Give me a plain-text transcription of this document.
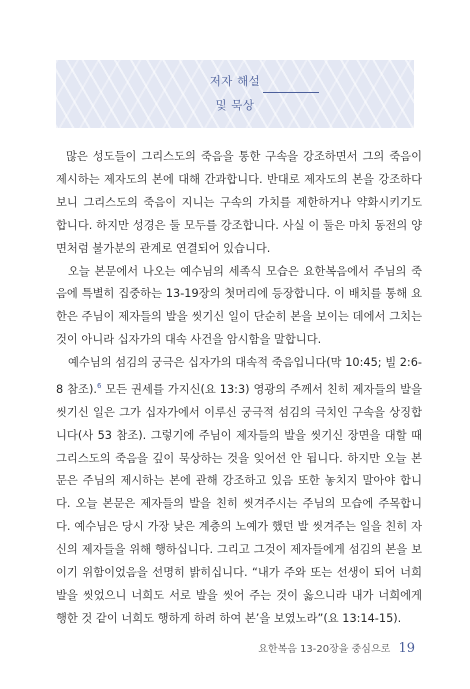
저자 해설
및 묵상

많은 성도들이 그리스도의 죽음을 통한 구속을 강조하면서 그의 죽음이 제시하는 제자도의 본에 대해 간과합니다. 반대로 제자도의 본을 강조하다 보니 그리스도의 죽음이 지니는 구속의 가치를 제한하거나 약화시키기도 합니다. 하지만 성경은 둘 모두를 강조합니다. 사실 이 둘은 마치 동전의 양면처럼 불가분의 관계로 연결되어 있습니다.

오늘 본문에서 나오는 예수님의 세족식 모습은 요한복음에서 주님의 죽음에 특별히 집중하는 13-19장의 첫머리에 등장합니다. 이 배치를 통해 요한은 주님이 제자들의 발을 씻기신 일이 단순히 본을 보이는 데에서 그치는 것이 아니라 십자가의 대속 사건을 암시함을 말합니다.

예수님의 섬김의 궁극은 십자가의 대속적 죽음입니다(막 10:45; 빌 2:6-8 참조).$^6$ 모든 권세를 가지신(요 13:3) 영광의 주께서 친히 제자들의 발을 씻기신 일은 그가 십자가에서 이루신 궁극적 섬김의 극치인 구속을 상징합니다(사 53 참조). 그렇기에 주님이 제자들의 발을 씻기신 장면을 대할 때 그리스도의 죽음을 깊이 묵상하는 것을 잊어선 안 됩니다. 하지만 오늘 본문은 주님의 제시하는 본에 관해 강조하고 있음 또한 놓치지 말아야 합니다. 오늘 본문은 제자들의 발을 친히 씻겨주시는 주님의 모습에 주목합니다. 예수님은 당시 가장 낮은 계층의 노예가 했던 발 씻겨주는 일을 친히 자신의 제자들을 위해 행하십니다. 그리고 그것이 제자들에게 섬김의 본을 보이기 위함이었음을 선명히 밝히십니다. “내가 주와 또는 선생이 되어 너희 발을 씻었으니 너희도 서로 발을 씻어 주는 것이 옳으니라 내가 너희에게 행한 것 같이 너희도 행하게 하려 하여 본’을 보였노라”(요 13:14-15).

요한복음 13-20장을 중심으로 19
